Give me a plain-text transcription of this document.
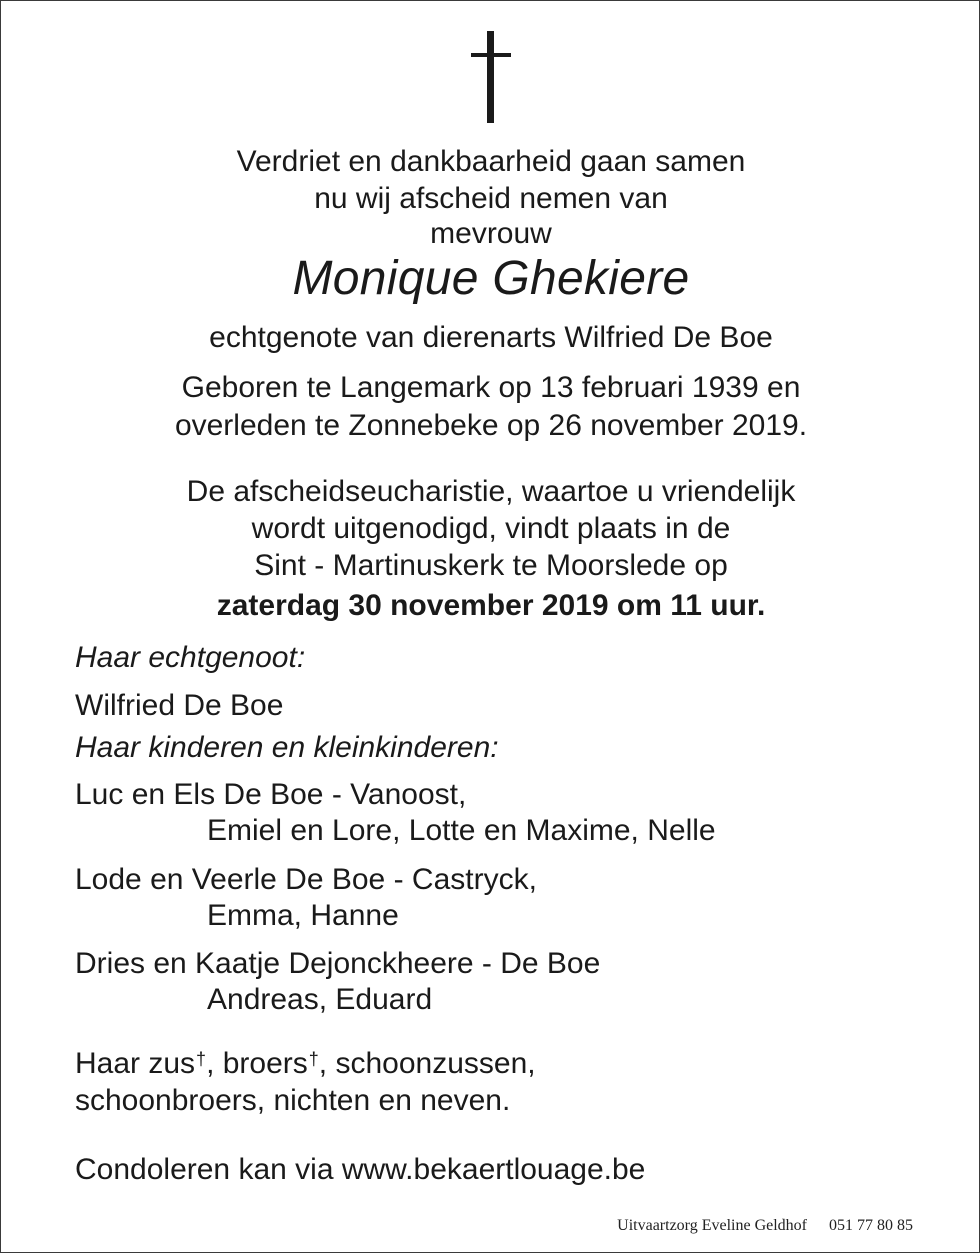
Verdriet en dankbaarheid gaan samen
nu wij afscheid nemen van
mevrouw
Monique Ghekiere
echtgenote van dierenarts Wilfried De Boe
Geboren te Langemark op 13 februari 1939 en
overleden te Zonnebeke op 26 november 2019.
De afscheidseucharistie, waartoe u vriendelijk
wordt uitgenodigd, vindt plaats in de
Sint - Martinuskerk te Moorslede op
zaterdag 30 november 2019 om 11 uur.
Haar echtgenoot:
Wilfried De Boe
Haar kinderen en kleinkinderen:
Luc en Els De Boe - Vanoost,
Emiel en Lore, Lotte en Maxime, Nelle
Lode en Veerle De Boe - Castryck,
Emma, Hanne
Dries en Kaatje Dejonckheere - De Boe
Andreas, Eduard
Haar zus†, broers†, schoonzussen,
schoonbroers, nichten en neven.
Condoleren kan via www.bekaertlouage.be
Uitvaartzorg Eveline Geldhof 051 77 80 85
